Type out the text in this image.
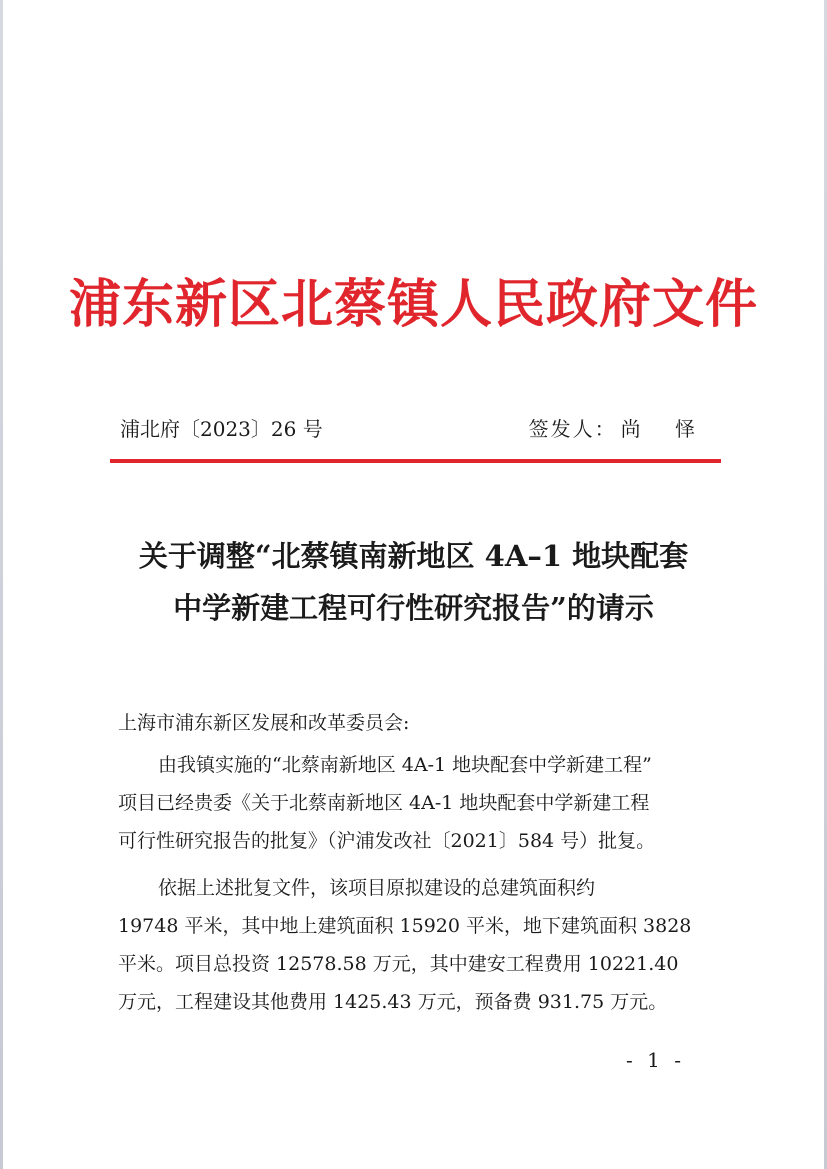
浦东新区北蔡镇人民政府文件
浦北府〔2023〕26 号	签发人： 尚 怿
关于调整“北蔡镇南新地区 4A–1 地块配套
中学新建工程可行性研究报告”的请示
上海市浦东新区发展和改革委员会:
由我镇实施的“北蔡南新地区 4A-1 地块配套中学新建工程”
项目已经贵委《关于北蔡南新地区 4A-1 地块配套中学新建工程
可行性研究报告的批复》（沪浦发改社〔2021〕584 号）批复。
依据上述批复文件，该项目原拟建设的总建筑面积约
19748 平米，其中地上建筑面积 15920 平米，地下建筑面积 3828
平米。项目总投资 12578.58 万元，其中建安工程费用 10221.40
万元，工程建设其他费用 1425.43 万元，预备费 931.75 万元。
- 1 -
